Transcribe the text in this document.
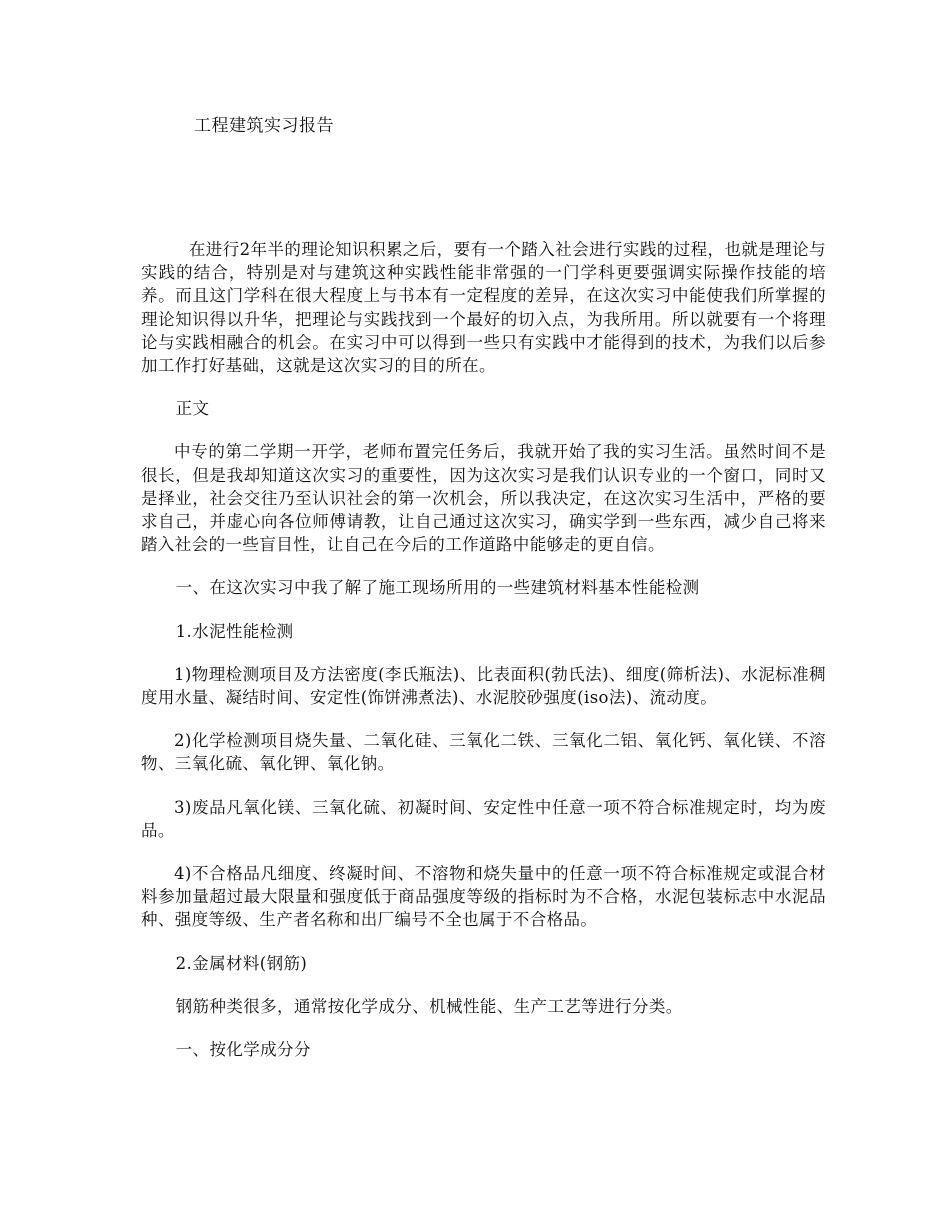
工程建筑实习报告

在进行2年半的理论知识积累之后，要有一个踏入社会进行实践的过程，也就是理论与实践的结合，特别是对与建筑这种实践性能非常强的一门学科更要强调实际操作技能的培养。而且这门学科在很大程度上与书本有一定程度的差异，在这次实习中能使我们所掌握的理论知识得以升华，把理论与实践找到一个最好的切入点，为我所用。所以就要有一个将理论与实践相融合的机会。在实习中可以得到一些只有实践中才能得到的技术，为我们以后参加工作打好基础，这就是这次实习的目的所在。

正文

中专的第二学期一开学，老师布置完任务后，我就开始了我的实习生活。虽然时间不是很长，但是我却知道这次实习的重要性，因为这次实习是我们认识专业的一个窗口，同时又是择业，社会交往乃至认识社会的第一次机会，所以我决定，在这次实习生活中，严格的要求自己，并虚心向各位师傅请教，让自己通过这次实习，确实学到一些东西，减少自己将来踏入社会的一些盲目性，让自己在今后的工作道路中能够走的更自信。

一、在这次实习中我了解了施工现场所用的一些建筑材料基本性能检测

1.水泥性能检测

1)物理检测项目及方法密度(李氏瓶法)、比表面积(勃氏法)、细度(筛析法)、水泥标准稠度用水量、凝结时间、安定性(饰饼沸煮法)、水泥胶砂强度(iso法)、流动度。

2)化学检测项目烧失量、二氧化硅、三氧化二铁、三氧化二铝、氧化钙、氧化镁、不溶物、三氧化硫、氧化钾、氧化钠。

3)废品凡氧化镁、三氧化硫、初凝时间、安定性中任意一项不符合标准规定时，均为废品。

4)不合格品凡细度、终凝时间、不溶物和烧失量中的任意一项不符合标准规定或混合材料参加量超过最大限量和强度低于商品强度等级的指标时为不合格，水泥包装标志中水泥品种、强度等级、生产者名称和出厂编号不全也属于不合格品。

2.金属材料(钢筋)

钢筋种类很多，通常按化学成分、机械性能、生产工艺等进行分类。

一、按化学成分分
